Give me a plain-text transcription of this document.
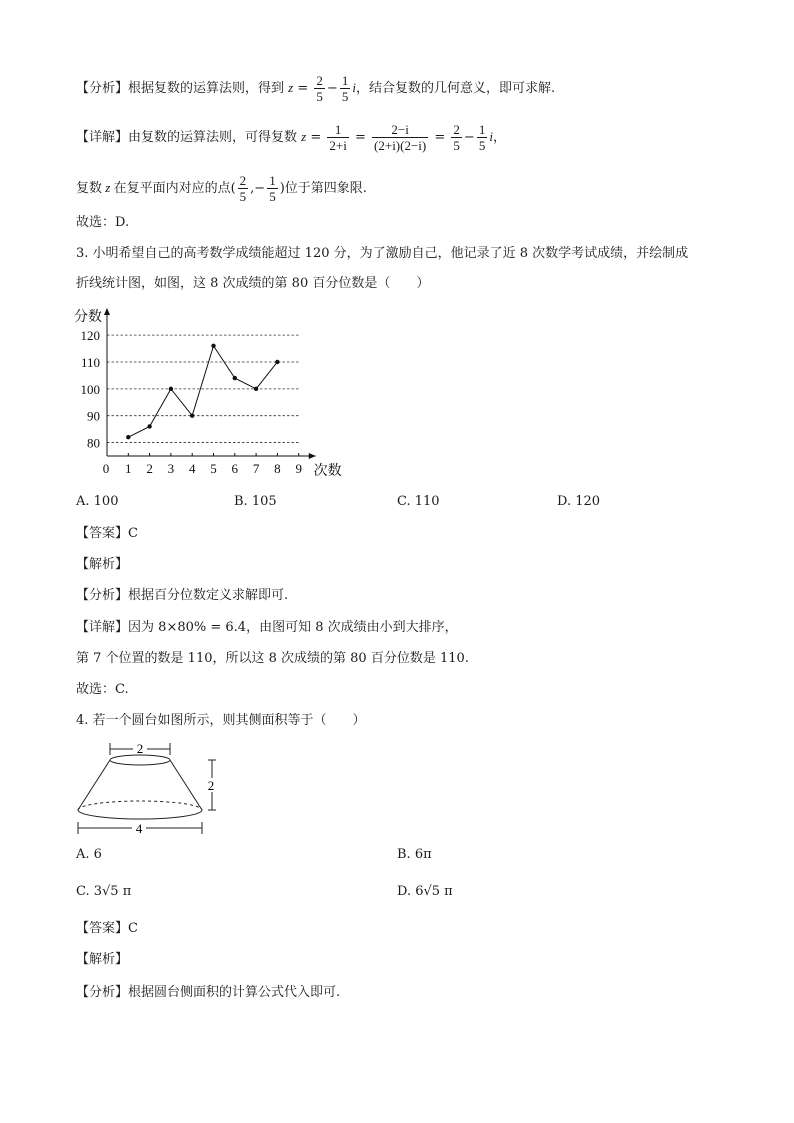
【分析】根据复数的运算法则，得到 $z = \frac{2}{5} - \frac{1}{5}$ i，结合复数的几何意义，即可求解.
【详解】由复数的运算法则，可得复数 $z = \frac{1}{2+i} = \frac{2-i}{(2+i)(2-i)} = \frac{2}{5} - \frac{1}{5}$ i，
复数 z 在复平面内对应的点( $\frac{2}{5}$ ,− $\frac{1}{5}$ )位于第四象限.
故选：D.
3. 小明希望自己的高考数学成绩能超过 120 分，为了激励自己，他记录了近 8 次数学考试成绩，并绘制成
折线统计图，如图，这 8 次成绩的第 80 百分位数是（　　）
80
90
100
110
120
0 1 2 3 4 5 6 7 8 9
分数
次数
A. 100	B. 105	C. 110	D. 120
【答案】C
【解析】
【分析】根据百分位数定义求解即可.
【详解】因为 8×80% = 6.4，由图可知 8 次成绩由小到大排序，
第 7 个位置的数是 110，所以这 8 次成绩的第 80 百分位数是 110.
故选：C.
4. 若一个圆台如图所示，则其侧面积等于（　　）
2
2
4
A. 6	B. 6π
C. 3√5 π	D. 6√5 π
【答案】C
【解析】
【分析】根据圆台侧面积的计算公式代入即可.
